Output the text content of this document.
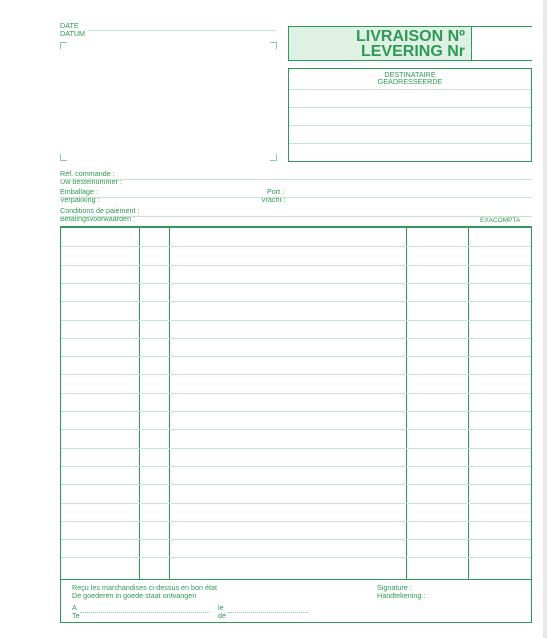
DATE
DATUM	LIVRAISON Nº
LEVERING Nr
DESTINATAIRE
GEADRESSEERDE
Réf. commande :
Uw bestelnummer :
Emballage :
Verpakking :
Port :
Vracht :
Conditions de paiement :
Betalingsvoorwaarden :	EXACOMPTA
Reçu les marchandises ci-dessus en bon état
De goederen in goede staat ontvangen
A
Te
le
de
Signature :
Handtekening :
